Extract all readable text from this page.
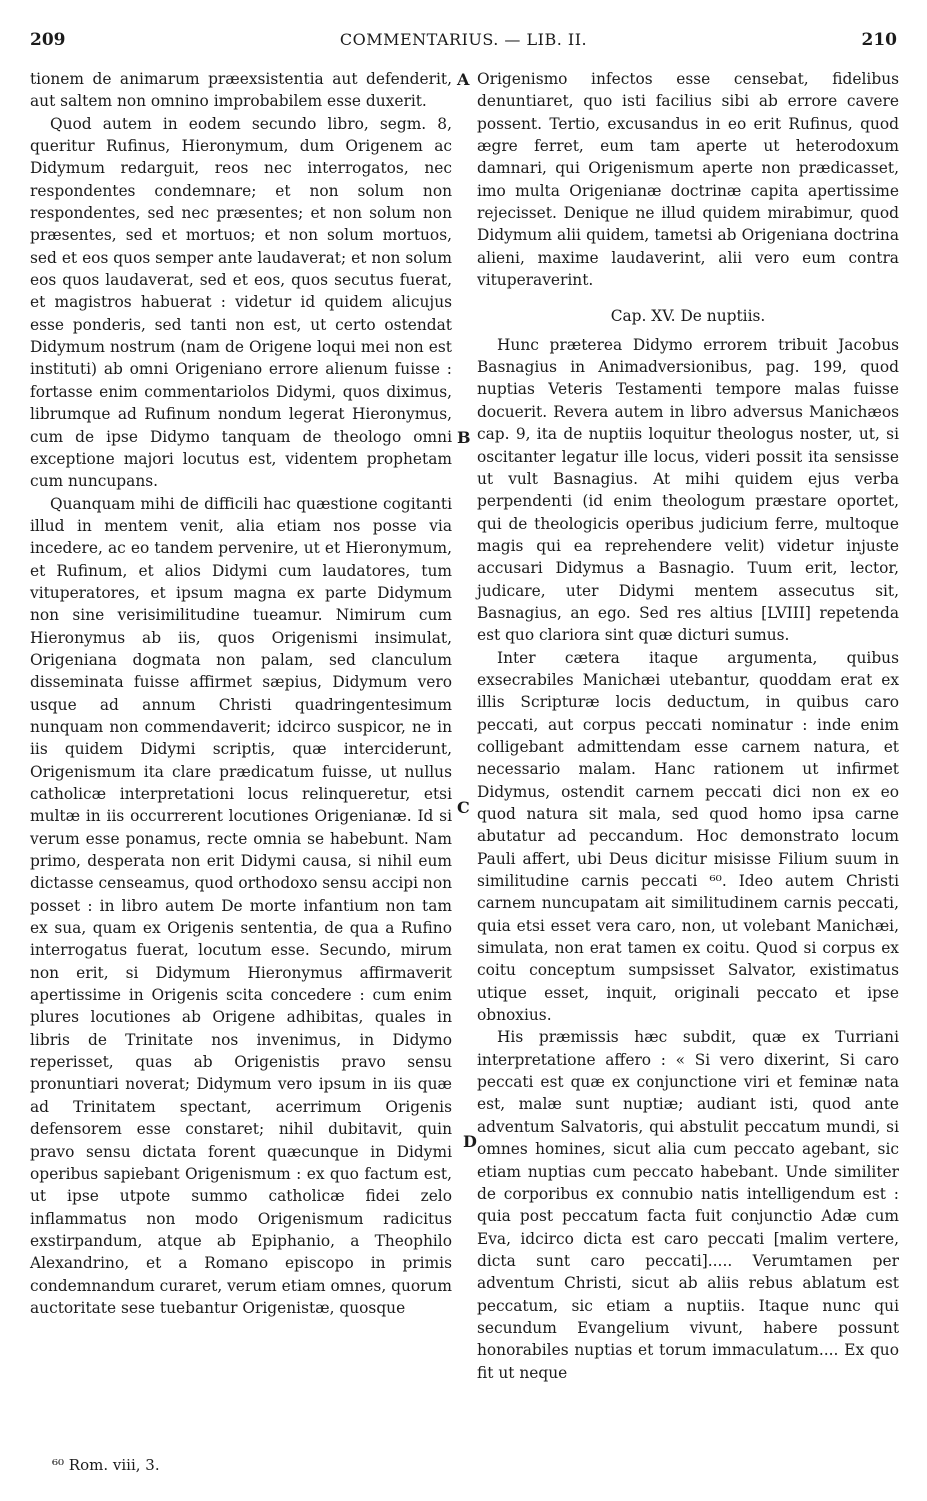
209	COMMENTARIUS. — LIB. II.	210

tionem de animarum præexsistentia aut defenderit, aut saltem non omnino improbabilem esse duxerit.

Quod autem in eodem secundo libro, segm. 8, queritur Rufinus, Hieronymum, dum Origenem ac Didymum redarguit, reos nec interrogatos, nec respondentes condemnare; et non solum non respondentes, sed nec præsentes; et non solum non præsentes, sed et mortuos; et non solum mortuos, sed et eos quos semper ante laudaverat; et non solum eos quos laudaverat, sed et eos, quos secutus fuerat, et magistros habuerat : videtur id quidem alicujus esse ponderis, sed tanti non est, ut certo ostendat Didymum nostrum (nam de Origene loqui mei non est instituti) ab omni Origeniano errore alienum fuisse : fortasse enim commentariolos Didymi, quos diximus, librumque ad Rufinum nondum legerat Hieronymus, cum de ipse Didymo tanquam de theologo omni exceptione majori locutus est, videntem prophetam cum nuncupans.

Quanquam mihi de difficili hac quæstione cogitanti illud in mentem venit, alia etiam nos posse via incedere, ac eo tandem pervenire, ut et Hieronymum, et Rufinum, et alios Didymi cum laudatores, tum vituperatores, et ipsum magna ex parte Didymum non sine verisimilitudine tueamur. Nimirum cum Hieronymus ab iis, quos Origenismi insimulat, Origeniana dogmata non palam, sed clanculum disseminata fuisse affirmet sæpius, Didymum vero usque ad annum Christi quadringentesimum nunquam non commendaverit; idcirco suspicor, ne in iis quidem Didymi scriptis, quæ interciderunt, Origenismum ita clare prædicatum fuisse, ut nullus catholicæ interpretationi locus relinqueretur, etsi multæ in iis occurrerent locutiones Origenianæ. Id si verum esse ponamus, recte omnia se habebunt. Nam primo, desperata non erit Didymi causa, si nihil eum dictasse censeamus, quod orthodoxo sensu accipi non posset : in libro autem De morte infantium non tam ex sua, quam ex Origenis sententia, de qua a Rufino interrogatus fuerat, locutum esse. Secundo, mirum non erit, si Didymum Hieronymus affirmaverit apertissime in Origenis scita concedere : cum enim plures locutiones ab Origene adhibitas, quales in libris de Trinitate nos invenimus, in Didymo reperisset, quas ab Origenistis pravo sensu pronuntiari noverat; Didymum vero ipsum in iis quæ ad Trinitatem spectant, acerrimum Origenis defensorem esse constaret; nihil dubitavit, quin pravo sensu dictata forent quæcunque in Didymi operibus sapiebant Origenismum : ex quo factum est, ut ipse utpote summo catholicæ fidei zelo inflammatus non modo Origenismum radicitus exstirpandum, atque ab Epiphanio, a Theophilo Alexandrino, et a Romano episcopo in primis condemnandum curaret, verum etiam omnes, quorum auctoritate sese tuebantur Origenistæ, quosque

A
B
C
D

Origenismo infectos esse censebat, fidelibus denuntiaret, quo isti facilius sibi ab errore cavere possent. Tertio, excusandus in eo erit Rufinus, quod ægre ferret, eum tam aperte ut heterodoxum damnari, qui Origenismum aperte non prædicasset, imo multa Origenianæ doctrinæ capita apertissime rejecisset. Denique ne illud quidem mirabimur, quod Didymum alii quidem, tametsi ab Origeniana doctrina alieni, maxime laudaverint, alii vero eum contra vituperaverint.

Cap. XV. De nuptiis.

Hunc præterea Didymo errorem tribuit Jacobus Basnagius in Animadversionibus, pag. 199, quod nuptias Veteris Testamenti tempore malas fuisse docuerit. Revera autem in libro adversus Manichæos cap. 9, ita de nuptiis loquitur theologus noster, ut, si oscitanter legatur ille locus, videri possit ita sensisse ut vult Basnagius. At mihi quidem ejus verba perpendenti (id enim theologum præstare oportet, qui de theologicis operibus judicium ferre, multoque magis qui ea reprehendere velit) videtur injuste accusari Didymus a Basnagio. Tuum erit, lector, judicare, uter Didymi mentem assecutus sit, Basnagius, an ego. Sed res altius [LVIII] repetenda est quo clariora sint quæ dicturi sumus.

Inter cætera itaque argumenta, quibus exsecrabiles Manichæi utebantur, quoddam erat ex illis Scripturæ locis deductum, in quibus caro peccati, aut corpus peccati nominatur : inde enim colligebant admittendam esse carnem natura, et necessario malam. Hanc rationem ut infirmet Didymus, ostendit carnem peccati dici non ex eo quod natura sit mala, sed quod homo ipsa carne abutatur ad peccandum. Hoc demonstrato locum Pauli affert, ubi Deus dicitur misisse Filium suum in similitudine carnis peccati ⁶⁰. Ideo autem Christi carnem nuncupatam ait similitudinem carnis peccati, quia etsi esset vera caro, non, ut volebant Manichæi, simulata, non erat tamen ex coitu. Quod si corpus ex coitu conceptum sumpsisset Salvator, existimatus utique esset, inquit, originali peccato et ipse obnoxius.

His præmissis hæc subdit, quæ ex Turriani interpretatione affero : « Si vero dixerint, Si caro peccati est quæ ex conjunctione viri et feminæ nata est, malæ sunt nuptiæ; audiant isti, quod ante adventum Salvatoris, qui abstulit peccatum mundi, si omnes homines, sicut alia cum peccato agebant, sic etiam nuptias cum peccato habebant. Unde similiter de corporibus ex connubio natis intelligendum est : quia post peccatum facta fuit conjunctio Adæ cum Eva, idcirco dicta est caro peccati [malim vertere, dicta sunt caro peccati]..... Verumtamen per adventum Christi, sicut ab aliis rebus ablatum est peccatum, sic etiam a nuptiis. Itaque nunc qui secundum Evangelium vivunt, habere possunt honorabiles nuptias et torum immaculatum.... Ex quo fit ut neque

⁶⁰ Rom. viii, 3.
